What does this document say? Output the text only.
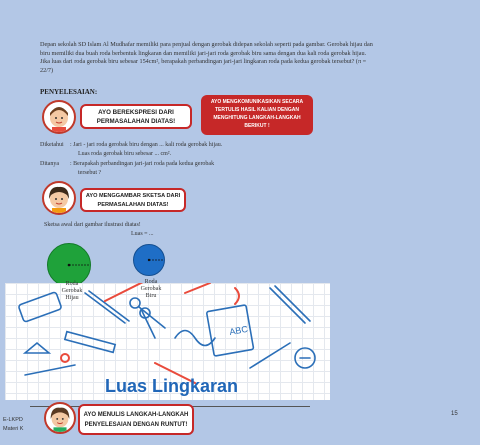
Depan sekolah SD Islam Al Mudhafar memiliki para penjual dengan gerobak didepan sekolah seperti pada gambar. Gerobak hijau dan
biru memiliki dua buah roda berbentuk lingkaran dan memiliki jari-jari roda gerobak biru sama dengan dua kali roda gerobak hijau.
Jika luas dari roda gerobak biru sebesar 154cm², berapakah perbandingan jari-jari lingkaran roda pada kedua gerobak tersebut? (π =
22/7)
PENYELESAIAN:
AYO BEREKSPRESI DARI
PERMASALAHAN DIATAS!
AYO MENGKOMUNIKASIKAN SECARA
TERTULIS HASIL KALIAN DENGAN
MENGHITUNG LANGKAH-LANGKAH
BERIKUT !
Diketahui : Jari - jari roda gerobak biru dengan ... kali roda gerobak hijau.
Luas roda gerobak biru sebesar ... cm².
Ditanya : Berapakah perbandingan jari-jari roda pada kedua gerobak
tersebut ?
AYO MENGGAMBAR SKETSA DARI
PERMASALAHAN DIATAS!
Sketsa awal dari gambar ilustrasi diatas!
Luas = ...
ABC
Roda
Gerobak
Hijau
Roda
Gerobak
Biru
Luas Lingkaran
E-LKPD
Materi K
AYO MENULIS LANGKAH-LANGKAH
PENYELESAIAN DENGAN RUNTUT!
15
